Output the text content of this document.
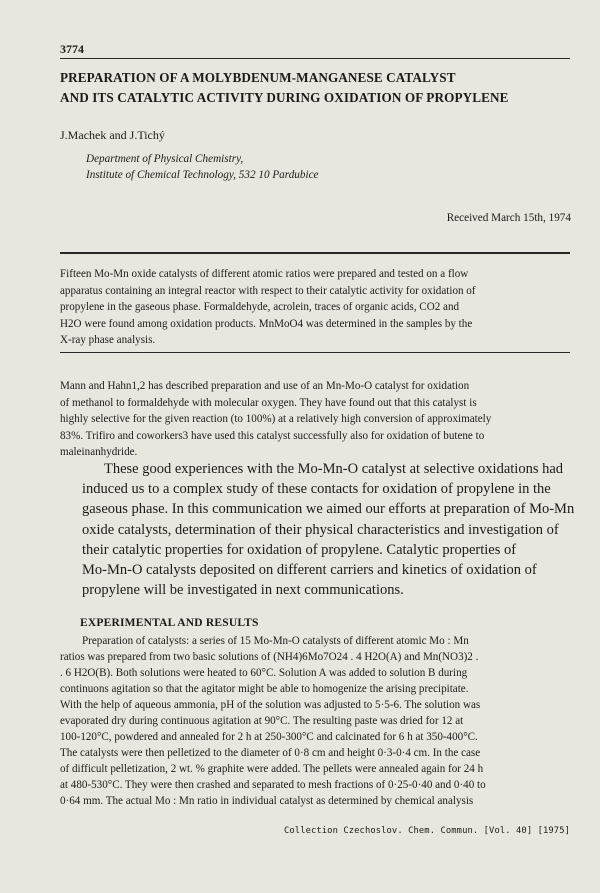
3774
PREPARATION OF A MOLYBDENUM-MANGANESE CATALYST
AND ITS CATALYTIC ACTIVITY DURING OXIDATION OF PROPYLENE
J.Machek and J.Tichý
Department of Physical Chemistry,
Institute of Chemical Technology, 532 10 Pardubice
Received March 15th, 1974
Fifteen Mo-Mn oxide catalysts of different atomic ratios were prepared and tested on a flow
apparatus containing an integral reactor with respect to their catalytic activity for oxidation of
propylene in the gaseous phase. Formaldehyde, acrolein, traces of organic acids, CO2 and
H2O were found among oxidation products. MnMoO4 was determined in the samples by the
X-ray phase analysis.
Mann and Hahn1,2 has described preparation and use of an Mn-Mo-O catalyst for oxidation
of methanol to formaldehyde with molecular oxygen. They have found out that this catalyst is
highly selective for the given reaction (to 100%) at a relatively high conversion of approximately
83%. Trifiro and coworkers3 have used this catalyst successfully also for oxidation of butene to
maleinanhydride.
These good experiences with the Mo-Mn-O catalyst at selective oxidations had
induced us to a complex study of these contacts for oxidation of propylene in the
gaseous phase. In this communication we aimed our efforts at preparation of Mo-Mn
oxide catalysts, determination of their physical characteristics and investigation of
their catalytic properties for oxidation of propylene. Catalytic properties of
Mo-Mn-O catalysts deposited on different carriers and kinetics of oxidation of
propylene will be investigated in next communications.
EXPERIMENTAL AND RESULTS
Preparation of catalysts: a series of 15 Mo-Mn-O catalysts of different atomic Mo : Mn
ratios was prepared from two basic solutions of (NH4)6Mo7O24 . 4 H2O(A) and Mn(NO3)2 .
. 6 H2O(B). Both solutions were heated to 60°C. Solution A was added to solution B during
continuons agitation so that the agitator might be able to homogenize the arising precipitate.
With the help of aqueous ammonia, pH of the solution was adjusted to 5·5-6. The solution was
evaporated dry during continuous agitation at 90°C. The resulting paste was dried for 12 at
100-120°C, powdered and annealed for 2 h at 250-300°C and calcinated for 6 h at 350-400°C.
The catalysts were then pelletized to the diameter of 0·8 cm and height 0·3-0·4 cm. In the case
of difficult pelletization, 2 wt. % graphite were added. The pellets were annealed again for 24 h
at 480-530°C. They were then crashed and separated to mesh fractions of 0·25-0·40 and 0·40 to
0·64 mm. The actual Mo : Mn ratio in individual catalyst as determined by chemical analysis
Collection Czechoslov. Chem. Commun. [Vol. 40] [1975]
